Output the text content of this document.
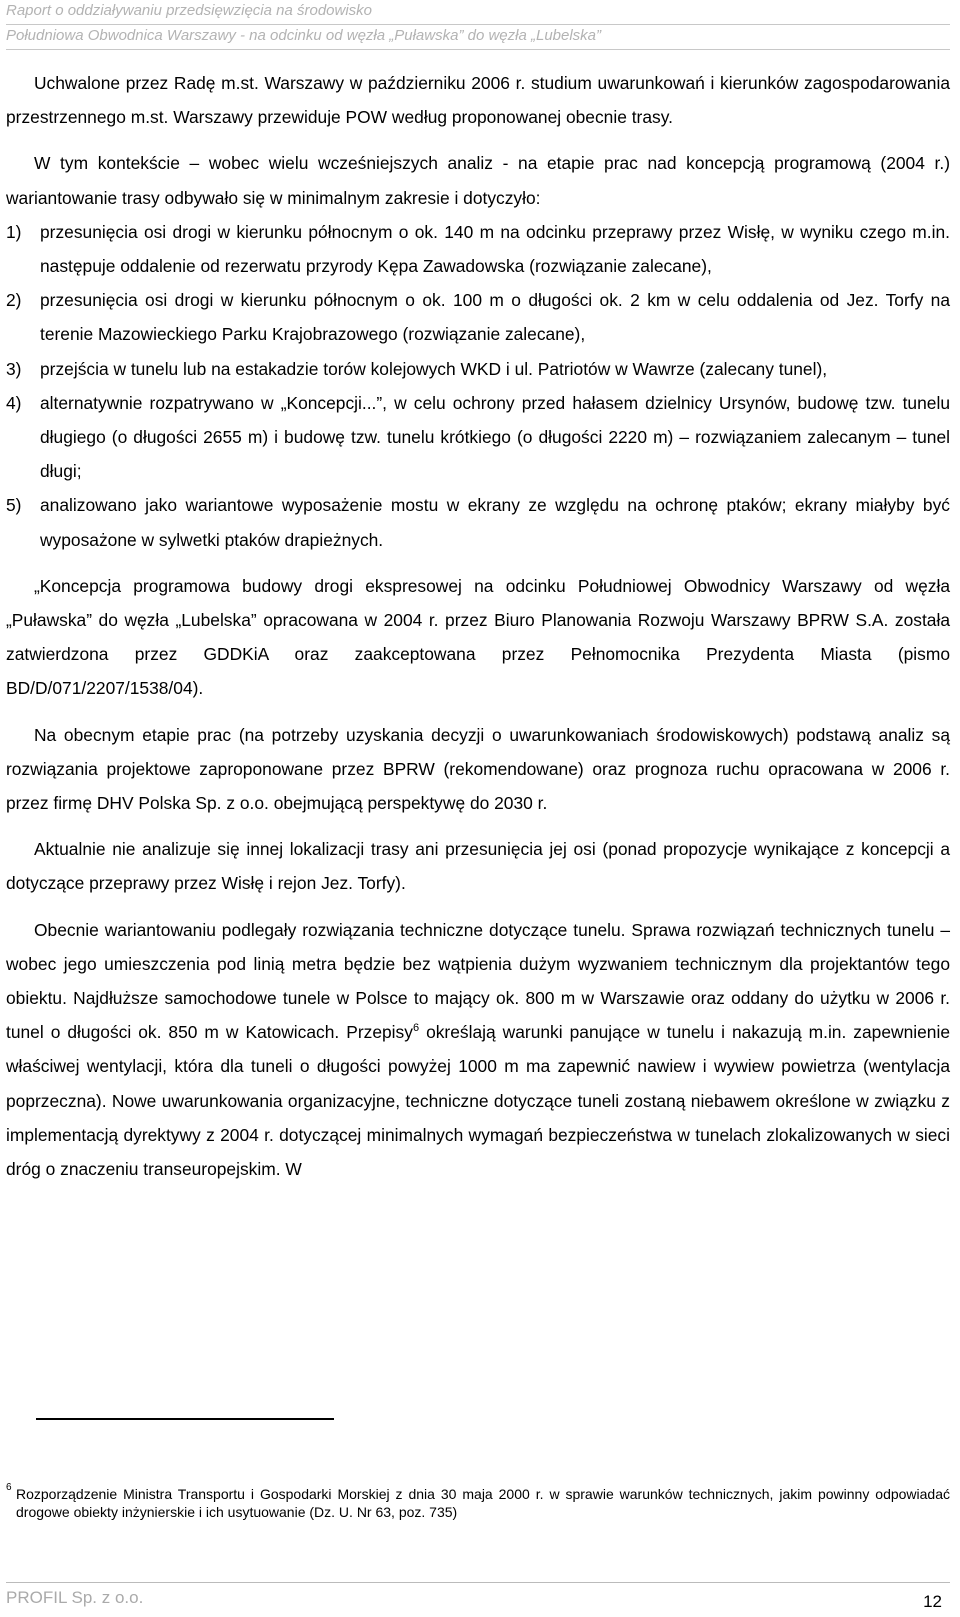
Raport o oddziaływaniu przedsięwzięcia na środowisko
Południowa Obwodnica Warszawy - na odcinku od węzła „Puławska” do węzła „Lubelska”

Uchwalone przez Radę m.st. Warszawy w październiku 2006 r. studium uwarunkowań i kierunków zagospodarowania przestrzennego m.st. Warszawy przewiduje POW według proponowanej obecnie trasy.

W tym kontekście – wobec wielu wcześniejszych analiz - na etapie prac nad koncepcją programową (2004 r.) wariantowanie trasy odbywało się w minimalnym zakresie i dotyczyło:

1) przesunięcia osi drogi w kierunku północnym o ok. 140 m na odcinku przeprawy przez Wisłę, w wyniku czego m.in. następuje oddalenie od rezerwatu przyrody Kępa Zawadowska (rozwiązanie zalecane),
2) przesunięcia osi drogi w kierunku północnym o ok. 100 m o długości ok. 2 km w celu oddalenia od Jez. Torfy na terenie Mazowieckiego Parku Krajobrazowego (rozwiązanie zalecane),
3) przejścia w tunelu lub na estakadzie torów kolejowych WKD i ul. Patriotów w Wawrze (zalecany tunel),
4) alternatywnie rozpatrywano w „Koncepcji...”, w celu ochrony przed hałasem dzielnicy Ursynów, budowę tzw. tunelu długiego (o długości 2655 m) i budowę tzw. tunelu krótkiego (o długości 2220 m) – rozwiązaniem zalecanym – tunel długi;
5) analizowano jako wariantowe wyposażenie mostu w ekrany ze względu na ochronę ptaków; ekrany miałyby być wyposażone w sylwetki ptaków drapieżnych.

„Koncepcja programowa budowy drogi ekspresowej na odcinku Południowej Obwodnicy Warszawy od węzła „Puławska” do węzła „Lubelska” opracowana w 2004 r. przez Biuro Planowania Rozwoju Warszawy BPRW S.A. została zatwierdzona przez GDDKiA oraz zaakceptowana przez Pełnomocnika Prezydenta Miasta (pismo BD/D/071/2207/1538/04).

Na obecnym etapie prac (na potrzeby uzyskania decyzji o uwarunkowaniach środowiskowych) podstawą analiz są rozwiązania projektowe zaproponowane przez BPRW (rekomendowane) oraz prognoza ruchu opracowana w 2006 r. przez firmę DHV Polska Sp. z o.o. obejmującą perspektywę do 2030 r.

Aktualnie nie analizuje się innej lokalizacji trasy ani przesunięcia jej osi (ponad propozycje wynikające z koncepcji a dotyczące przeprawy przez Wisłę i rejon Jez. Torfy).

Obecnie wariantowaniu podlegały rozwiązania techniczne dotyczące tunelu. Sprawa rozwiązań technicznych tunelu – wobec jego umieszczenia pod linią metra będzie bez wątpienia dużym wyzwaniem technicznym dla projektantów tego obiektu. Najdłuższe samochodowe tunele w Polsce to mający ok. 800 m w Warszawie oraz oddany do użytku w 2006 r. tunel o długości ok. 850 m w Katowicach. Przepisy$^6$ określają warunki panujące w tunelu i nakazują m.in. zapewnienie właściwej wentylacji, która dla tuneli o długości powyżej 1000 m ma zapewnić nawiew i wywiew powietrza (wentylacja poprzeczna). Nowe uwarunkowania organizacyjne, techniczne dotyczące tuneli zostaną niebawem określone w związku z implementacją dyrektywy z 2004 r. dotyczącej minimalnych wymagań bezpieczeństwa w tunelach zlokalizowanych w sieci dróg o znaczeniu transeuropejskim. W

6 Rozporządzenie Ministra Transportu i Gospodarki Morskiej z dnia 30 maja 2000 r. w sprawie warunków technicznych, jakim powinny odpowiadać drogowe obiekty inżynierskie i ich usytuowanie (Dz. U. Nr 63, poz. 735)
PROFIL Sp. z o.o.	12
